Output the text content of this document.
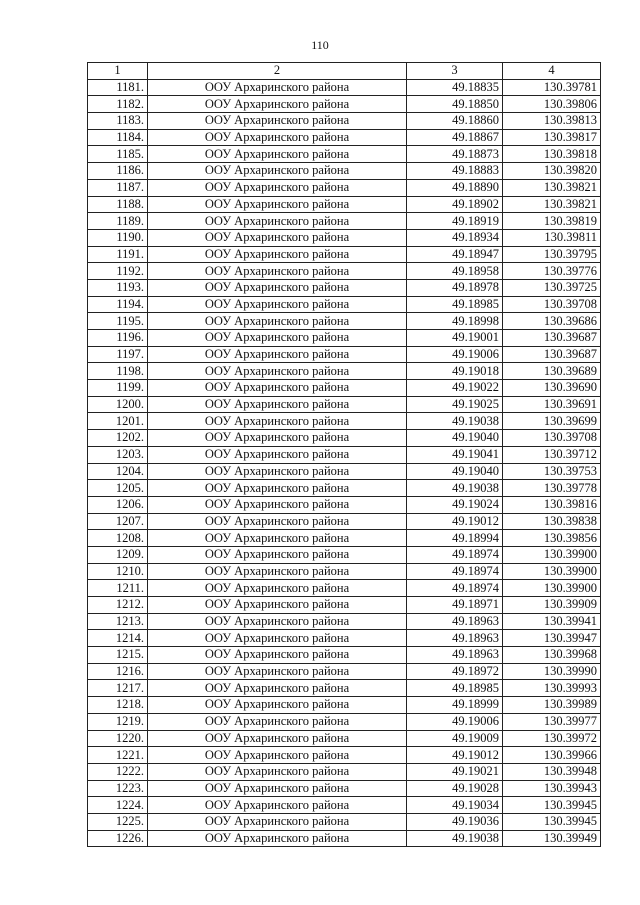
110
1	2	3	4
1181.	ООУ Архаринского района	49.18835	130.39781
1182.	ООУ Архаринского района	49.18850	130.39806
1183.	ООУ Архаринского района	49.18860	130.39813
1184.	ООУ Архаринского района	49.18867	130.39817
1185.	ООУ Архаринского района	49.18873	130.39818
1186.	ООУ Архаринского района	49.18883	130.39820
1187.	ООУ Архаринского района	49.18890	130.39821
1188.	ООУ Архаринского района	49.18902	130.39821
1189.	ООУ Архаринского района	49.18919	130.39819
1190.	ООУ Архаринского района	49.18934	130.39811
1191.	ООУ Архаринского района	49.18947	130.39795
1192.	ООУ Архаринского района	49.18958	130.39776
1193.	ООУ Архаринского района	49.18978	130.39725
1194.	ООУ Архаринского района	49.18985	130.39708
1195.	ООУ Архаринского района	49.18998	130.39686
1196.	ООУ Архаринского района	49.19001	130.39687
1197.	ООУ Архаринского района	49.19006	130.39687
1198.	ООУ Архаринского района	49.19018	130.39689
1199.	ООУ Архаринского района	49.19022	130.39690
1200.	ООУ Архаринского района	49.19025	130.39691
1201.	ООУ Архаринского района	49.19038	130.39699
1202.	ООУ Архаринского района	49.19040	130.39708
1203.	ООУ Архаринского района	49.19041	130.39712
1204.	ООУ Архаринского района	49.19040	130.39753
1205.	ООУ Архаринского района	49.19038	130.39778
1206.	ООУ Архаринского района	49.19024	130.39816
1207.	ООУ Архаринского района	49.19012	130.39838
1208.	ООУ Архаринского района	49.18994	130.39856
1209.	ООУ Архаринского района	49.18974	130.39900
1210.	ООУ Архаринского района	49.18974	130.39900
1211.	ООУ Архаринского района	49.18974	130.39900
1212.	ООУ Архаринского района	49.18971	130.39909
1213.	ООУ Архаринского района	49.18963	130.39941
1214.	ООУ Архаринского района	49.18963	130.39947
1215.	ООУ Архаринского района	49.18963	130.39968
1216.	ООУ Архаринского района	49.18972	130.39990
1217.	ООУ Архаринского района	49.18985	130.39993
1218.	ООУ Архаринского района	49.18999	130.39989
1219.	ООУ Архаринского района	49.19006	130.39977
1220.	ООУ Архаринского района	49.19009	130.39972
1221.	ООУ Архаринского района	49.19012	130.39966
1222.	ООУ Архаринского района	49.19021	130.39948
1223.	ООУ Архаринского района	49.19028	130.39943
1224.	ООУ Архаринского района	49.19034	130.39945
1225.	ООУ Архаринского района	49.19036	130.39945
1226.	ООУ Архаринского района	49.19038	130.39949
